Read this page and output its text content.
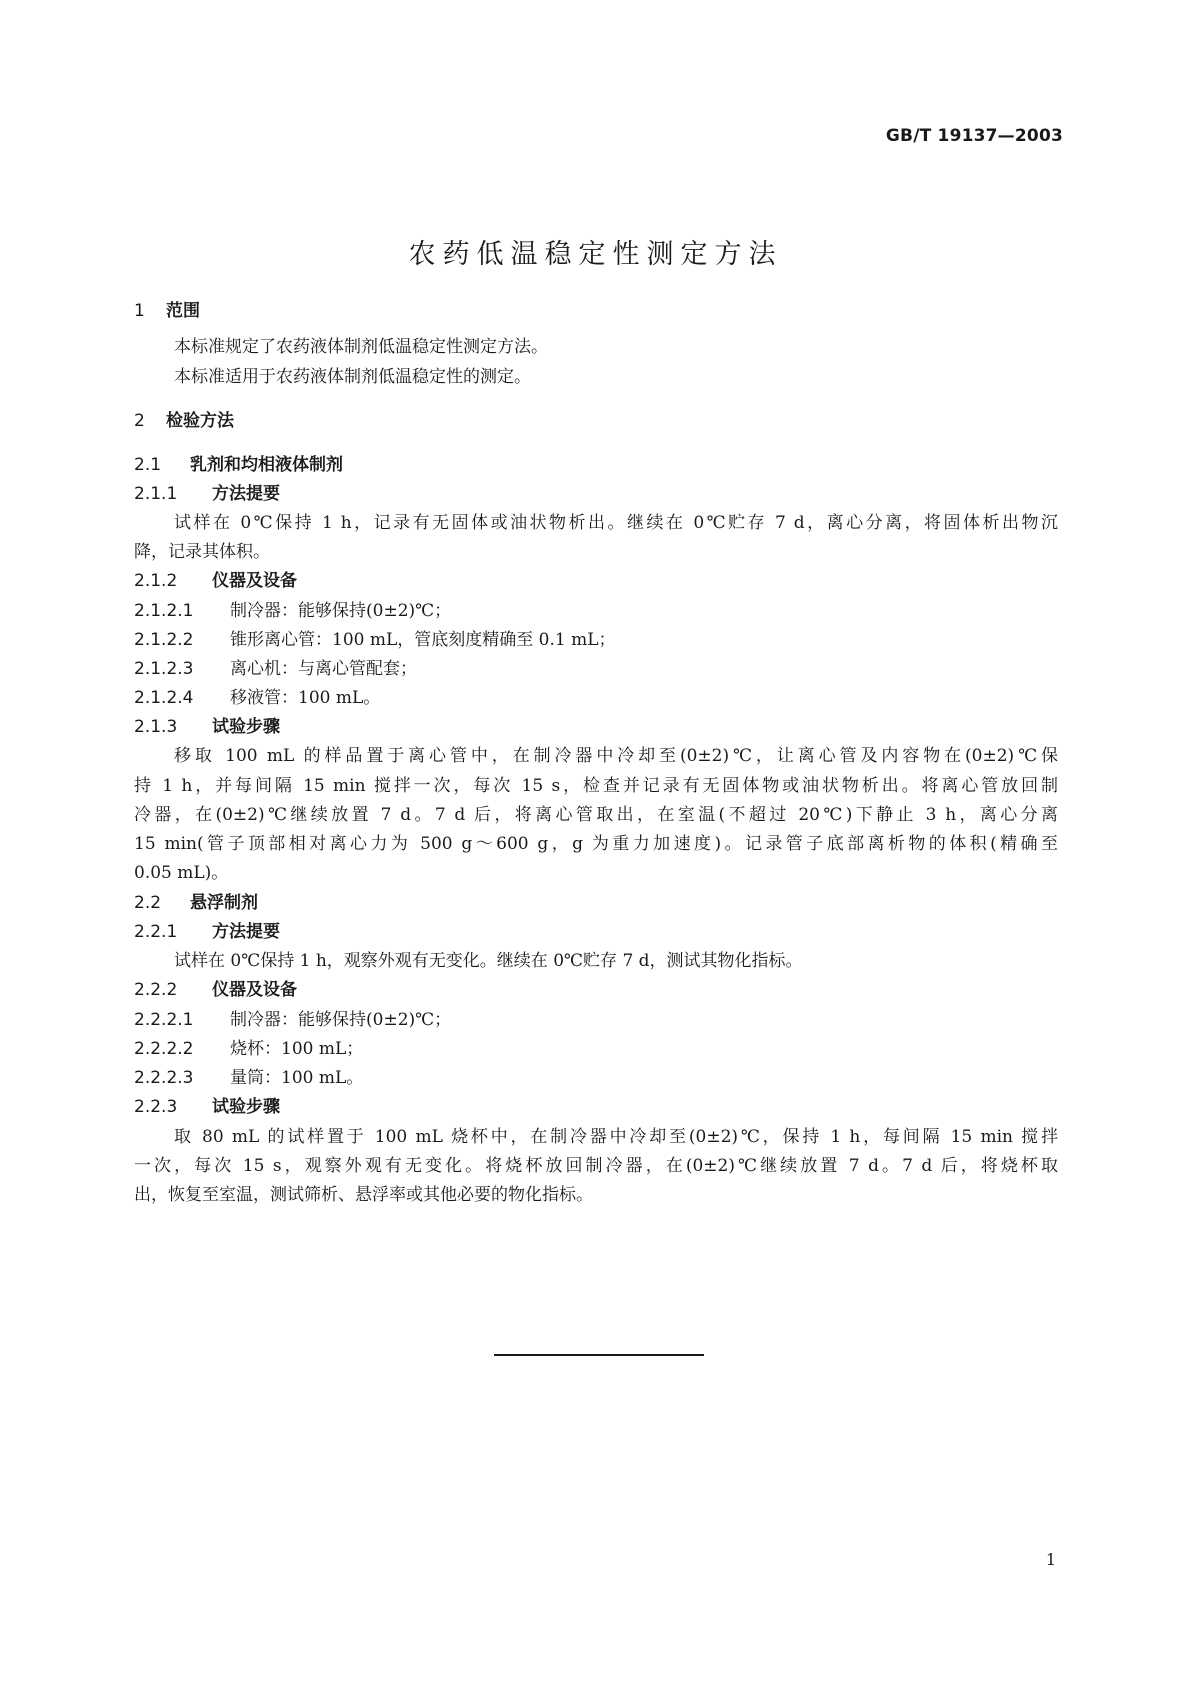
GB/T 19137—2003
农药低温稳定性测定方法
1 范围
本标准规定了农药液体制剂低温稳定性测定方法。
本标准适用于农药液体制剂低温稳定性的测定。
2 检验方法
2.1 乳剂和均相液体制剂
2.1.1 方法提要
试样在 0℃保持 1 h，记录有无固体或油状物析出。继续在 0℃贮存 7 d，离心分离，将固体析出物沉
降，记录其体积。
2.1.2 仪器及设备
2.1.2.1 制冷器：能够保持(0±2)℃；
2.1.2.2 锥形离心管：100 mL，管底刻度精确至 0.1 mL；
2.1.2.3 离心机：与离心管配套；
2.1.2.4 移液管：100 mL。
2.1.3 试验步骤
移取 100 mL 的样品置于离心管中，在制冷器中冷却至(0±2)℃，让离心管及内容物在(0±2)℃保
持 1 h，并每间隔 15 min 搅拌一次，每次 15 s，检查并记录有无固体物或油状物析出。将离心管放回制
冷器，在(0±2)℃继续放置 7 d。7 d 后，将离心管取出，在室温(不超过 20℃)下静止 3 h，离心分离
15 min(管子顶部相对离心力为 500 g～600 g，g 为重力加速度)。记录管子底部离析物的体积(精确至
0.05 mL)。
2.2 悬浮制剂
2.2.1 方法提要
试样在 0℃保持 1 h，观察外观有无变化。继续在 0℃贮存 7 d，测试其物化指标。
2.2.2 仪器及设备
2.2.2.1 制冷器：能够保持(0±2)℃；
2.2.2.2 烧杯：100 mL；
2.2.2.3 量筒：100 mL。
2.2.3 试验步骤
取 80 mL 的试样置于 100 mL 烧杯中，在制冷器中冷却至(0±2)℃，保持 1 h，每间隔 15 min 搅拌
一次，每次 15 s，观察外观有无变化。将烧杯放回制冷器，在(0±2)℃继续放置 7 d。7 d 后，将烧杯取
出，恢复至室温，测试筛析、悬浮率或其他必要的物化指标。
1
